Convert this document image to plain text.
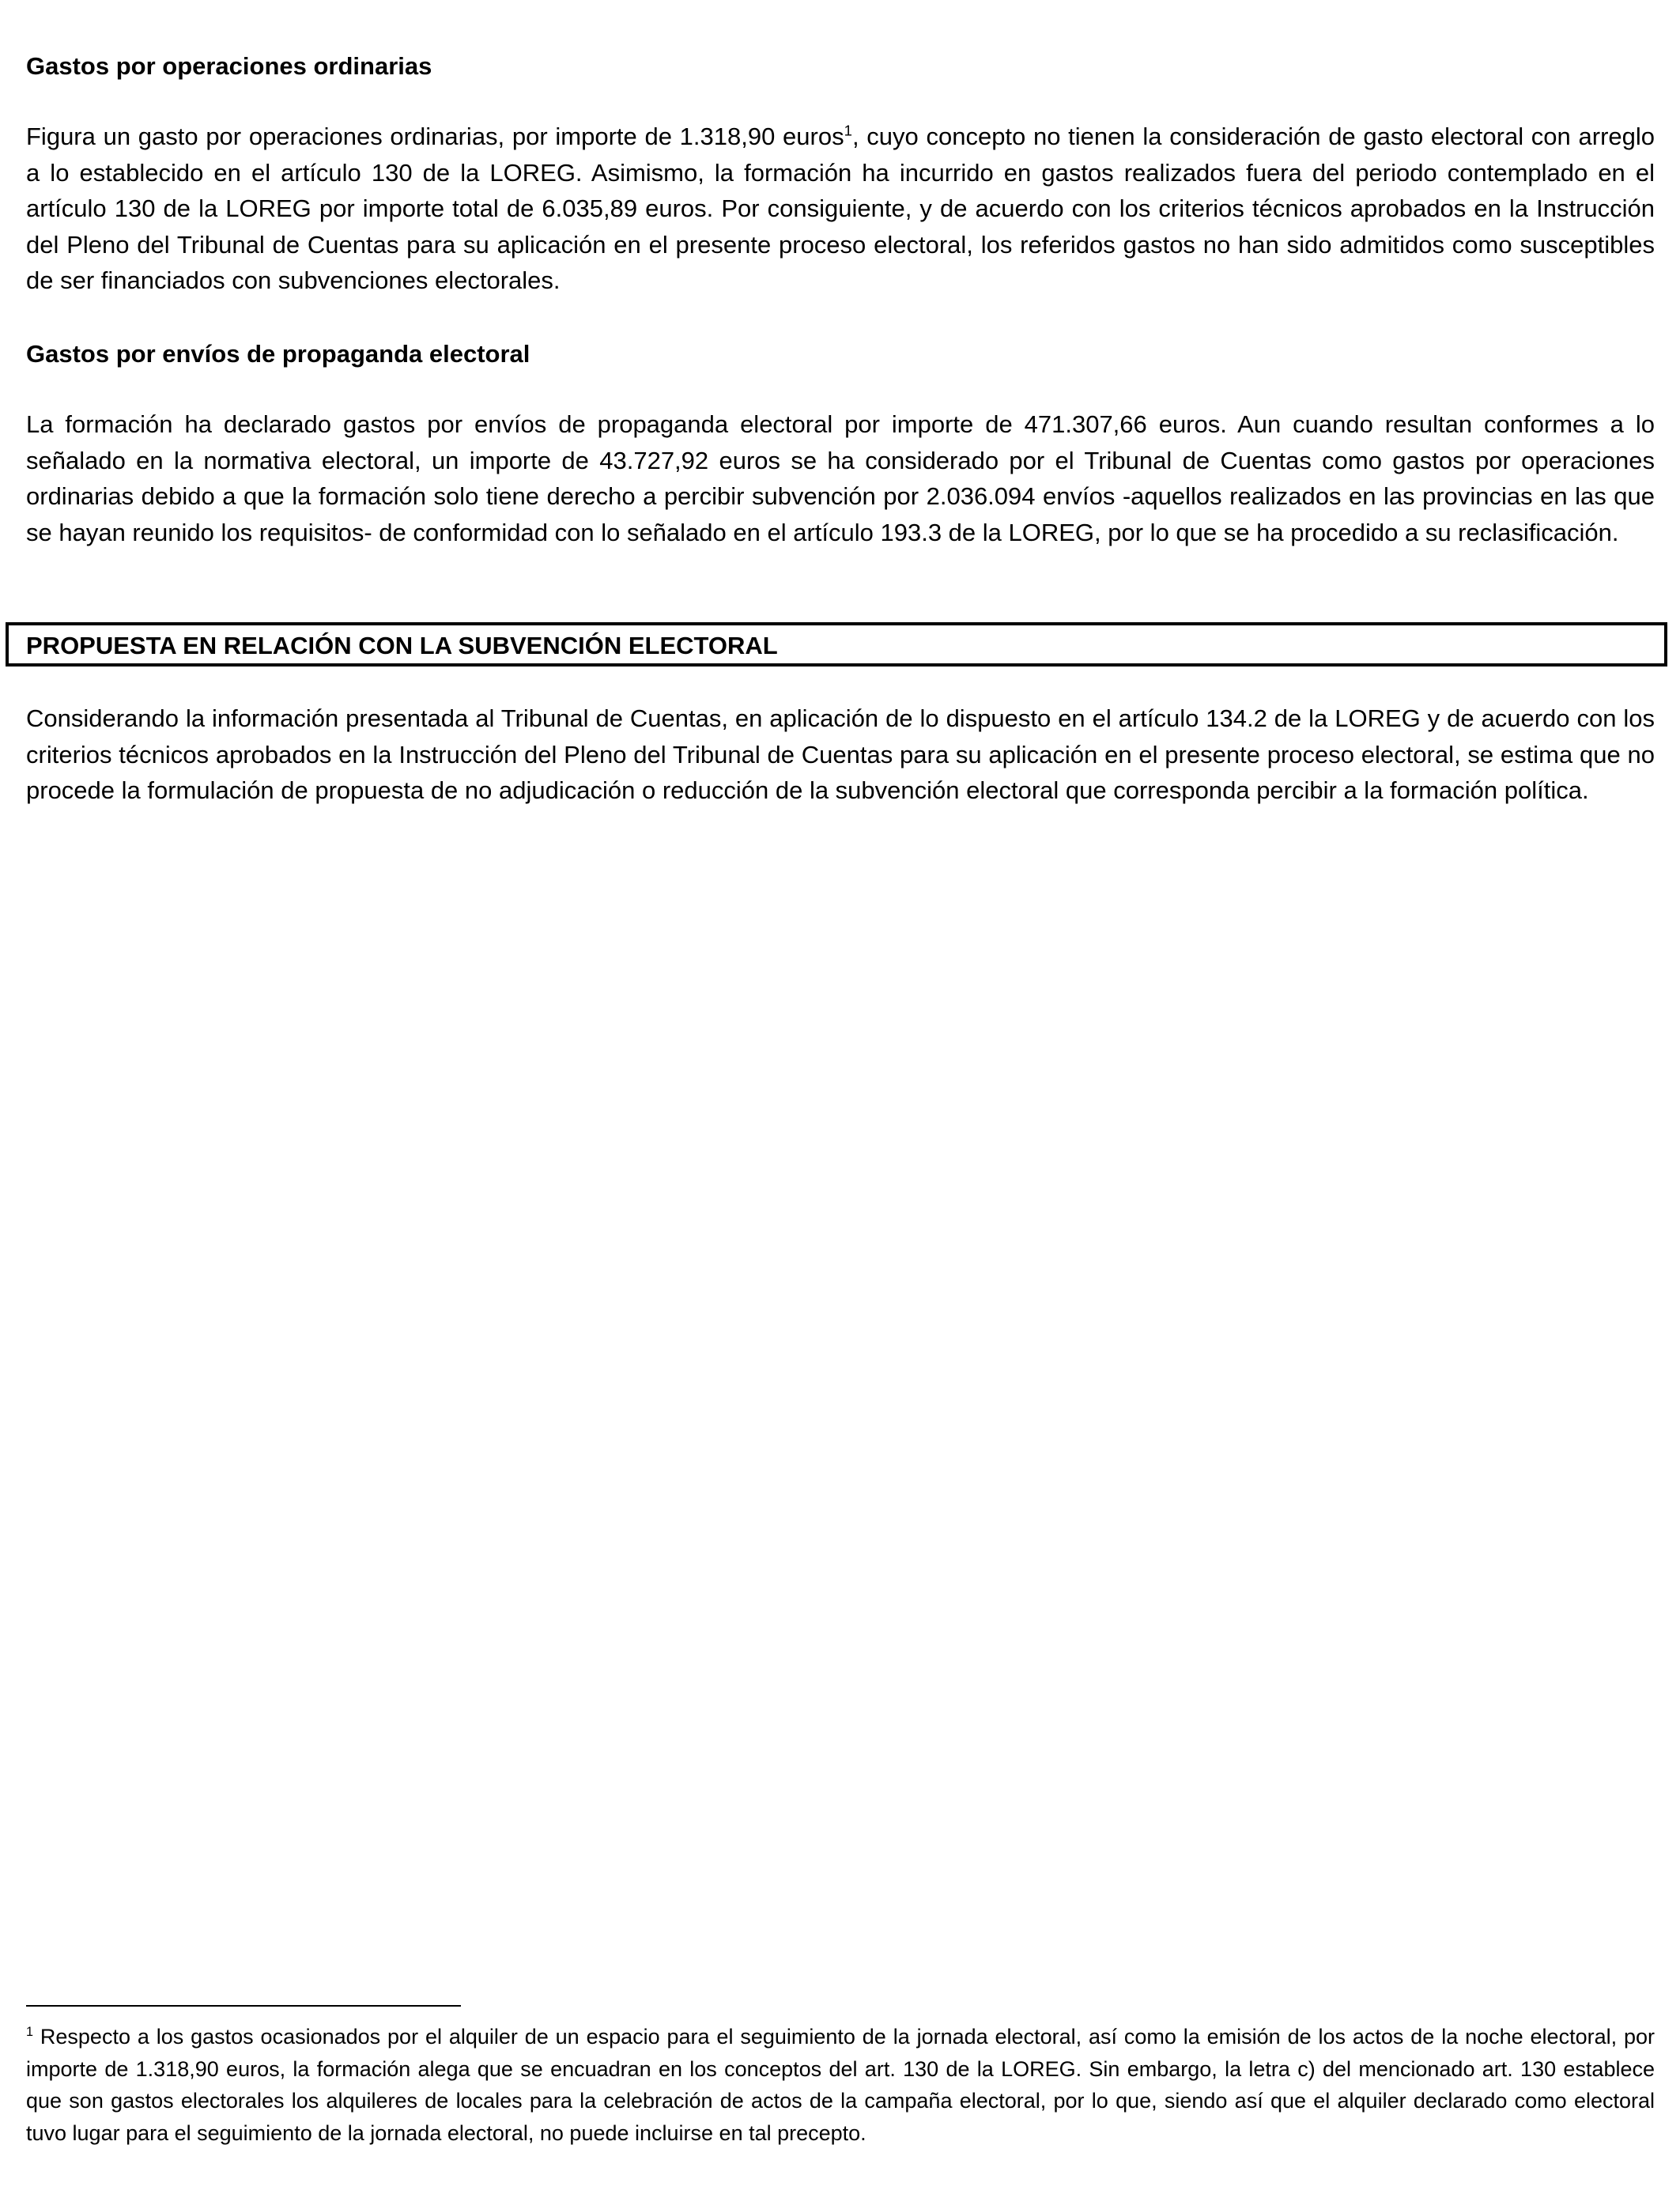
Gastos por operaciones ordinarias

Figura un gasto por operaciones ordinarias, por importe de 1.318,90 euros$^1$, cuyo concepto no tienen la consideración de gasto electoral con arreglo a lo establecido en el artículo 130 de la LOREG. Asimismo, la formación ha incurrido en gastos realizados fuera del periodo contemplado en el artículo 130 de la LOREG por importe total de 6.035,89 euros. Por consiguiente, y de acuerdo con los criterios técnicos aprobados en la Instrucción del Pleno del Tribunal de Cuentas para su aplicación en el presente proceso electoral, los referidos gastos no han sido admitidos como susceptibles de ser financiados con subvenciones electorales.

Gastos por envíos de propaganda electoral

La formación ha declarado gastos por envíos de propaganda electoral por importe de 471.307,66 euros. Aun cuando resultan conformes a lo señalado en la normativa electoral, un importe de 43.727,92 euros se ha considerado por el Tribunal de Cuentas como gastos por operaciones ordinarias debido a que la formación solo tiene derecho a percibir subvención por 2.036.094 envíos -aquellos realizados en las provincias en las que se hayan reunido los requisitos- de conformidad con lo señalado en el artículo 193.3 de la LOREG, por lo que se ha procedido a su reclasificación.

PROPUESTA EN RELACIÓN CON LA SUBVENCIÓN ELECTORAL

Considerando la información presentada al Tribunal de Cuentas, en aplicación de lo dispuesto en el artículo 134.2 de la LOREG y de acuerdo con los criterios técnicos aprobados en la Instrucción del Pleno del Tribunal de Cuentas para su aplicación en el presente proceso electoral, se estima que no procede la formulación de propuesta de no adjudicación o reducción de la subvención electoral que corresponda percibir a la formación política.

$^1$ Respecto a los gastos ocasionados por el alquiler de un espacio para el seguimiento de la jornada electoral, así como la emisión de los actos de la noche electoral, por importe de 1.318,90 euros, la formación alega que se encuadran en los conceptos del art. 130 de la LOREG. Sin embargo, la letra c) del mencionado art. 130 establece que son gastos electorales los alquileres de locales para la celebración de actos de la campaña electoral, por lo que, siendo así que el alquiler declarado como electoral tuvo lugar para el seguimiento de la jornada electoral, no puede incluirse en tal precepto.
